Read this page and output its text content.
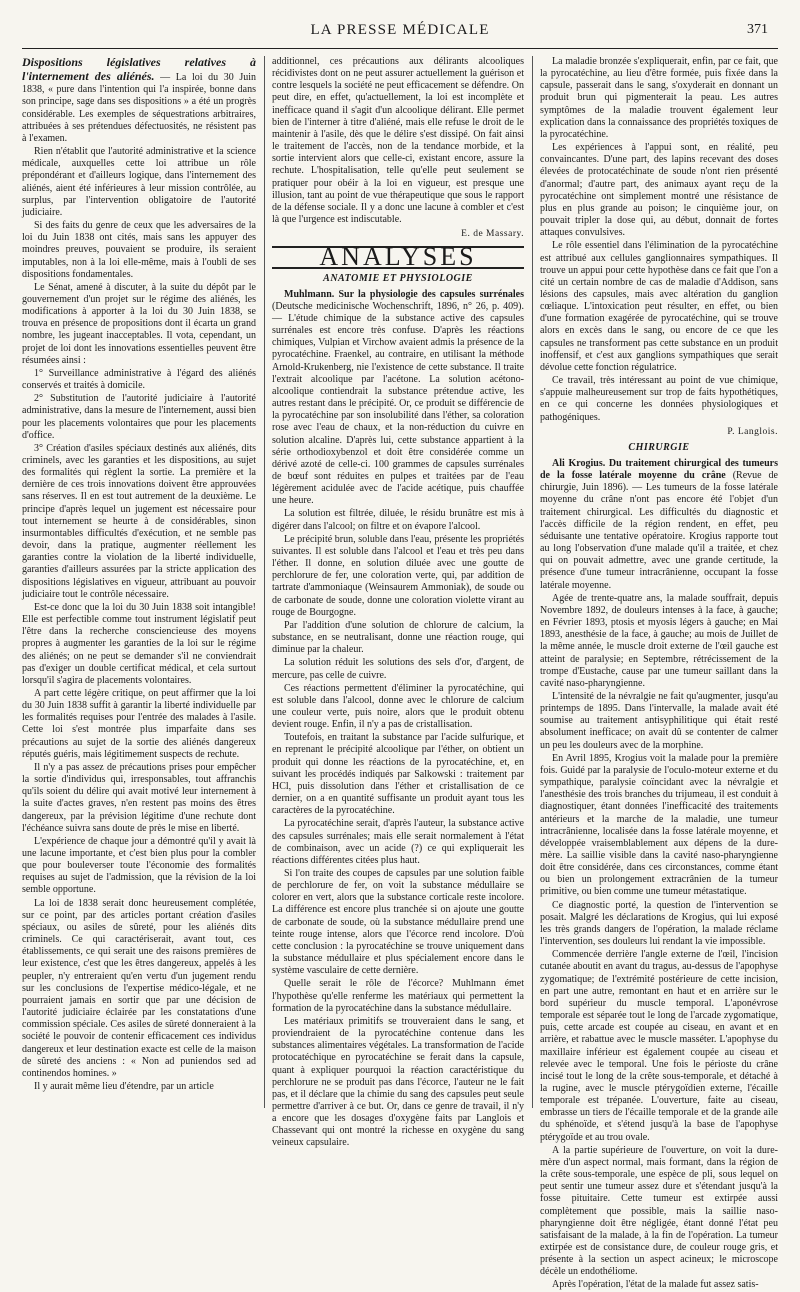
LA PRESSE MÉDICALE	371

Dispositions législatives relatives à l'internement des aliénés. — La loi du 30 Juin 1838, « pure dans l'intention qui l'a inspirée, bonne dans son principe, sage dans ses dispositions » a été un progrès considérable. Les exemples de séquestrations arbitraires, attribuées à ses prétendues défectuosités, ne résistent pas à l'examen.

Rien n'établit que l'autorité administrative et la science médicale, auxquelles cette loi attribue un rôle prépondérant et d'ailleurs logique, dans l'internement des aliénés, aient été inférieures à leur mission contrôlée, au surplus, par l'intervention obligatoire de l'autorité judiciaire.

Si des faits du genre de ceux que les adversaires de la loi du Juin 1838 ont cités, mais sans les appuyer des moindres preuves, pouvaient se produire, ils seraient imputables, non à la loi elle-même, mais à l'oubli de ses dispositions fondamentales.

Le Sénat, amené à discuter, à la suite du dépôt par le gouvernement d'un projet sur le régime des aliénés, les modifications à apporter à la loi du 30 Juin 1838, se trouva en présence de propositions dont il écarta un grand nombre, les jugeant inacceptables. Il vota, cependant, un projet de loi dont les innovations essentielles peuvent être résumées ainsi :

1° Surveillance administrative à l'égard des aliénés conservés et traités à domicile.

2° Substitution de l'autorité judiciaire à l'autorité administrative, dans la mesure de l'internement, aussi bien pour les placements volontaires que pour les placements d'office.

3° Création d'asiles spéciaux destinés aux aliénés, dits criminels, avec les garanties et les dispositions, au sujet des formalités qui règlent la sortie. La première et la dernière de ces trois innovations doivent être approuvées sans réserves. Il en est tout autrement de la deuxième. Le principe d'après lequel un jugement est nécessaire pour tout internement se heurte à de considérables, sinon insurmontables difficultés d'exécution, et ne semble pas devoir, dans la pratique, augmenter réellement les garanties contre la violation de la liberté individuelle, garanties d'ailleurs assurées par la stricte application des dispositions législatives en vigueur, attribuant au pouvoir judiciaire tout le contrôle nécessaire.

Est-ce donc que la loi du 30 Juin 1838 soit intangible! Elle est perfectible comme tout instrument législatif peut l'être dans la recherche consciencieuse des moyens propres à augmenter les garanties de la loi sur le régime des aliénés; on ne peut se demander s'il ne conviendrait pas d'exiger un double certificat médical, et cela surtout lorsqu'il s'agira de placements volontaires.

A part cette légère critique, on peut affirmer que la loi du 30 Juin 1838 suffit à garantir la liberté individuelle par les formalités requises pour l'entrée des malades à l'asile. Cette loi s'est montrée plus imparfaite dans ses précautions au sujet de la sortie des aliénés dangereux réputés guéris, mais légitimement suspects de rechute.

Il n'y a pas assez de précautions prises pour empêcher la sortie d'individus qui, irresponsables, tout affranchis qu'ils soient du délire qui avait motivé leur internement à la suite d'actes graves, n'en restent pas moins des êtres dangereux, par la prévision légitime d'une rechute dont l'échéance suivra sans doute de près le mise en liberté.

L'expérience de chaque jour a démontré qu'il y avait là une lacune importante, et c'est bien plus pour la combler que pour bouleverser toute l'économie des formalités requises au sujet de l'admission, que la révision de la loi semble opportune.

La loi de 1838 serait donc heureusement complétée, sur ce point, par des articles portant création d'asiles spéciaux, ou asiles de sûreté, pour les aliénés dits criminels. Ce qui caractériserait, avant tout, ces établissements, ce qui serait une des raisons premières de leur existence, c'est que les êtres dangereux, appelés à les peupler, n'y entreraient qu'en vertu d'un jugement rendu sur les conclusions de l'expertise médico-légale, et ne pourraient jamais en sortir que par une décision de l'autorité judiciaire éclairée par les constatations d'une commission spéciale. Ces asiles de sûreté donneraient à la société le pouvoir de contenir efficacement ces individus dangereux et leur destination exacte est celle de la maison de sûreté des anciens : « Non ad puniendos sed ad continendos homines. »

Il y aurait même lieu d'étendre, par un article

additionnel, ces précautions aux délirants alcooliques récidivistes dont on ne peut assurer actuellement la guérison et contre lesquels la société ne peut efficacement se défendre. On peut dire, en effet, qu'actuellement, la loi est incomplète et inefficace quand il s'agit d'un alcoolique délirant. Elle permet bien de l'interner à titre d'aliéné, mais elle refuse le droit de le maintenir à l'asile, dès que le délire s'est dissipé. On fait ainsi le traitement de l'accès, non de la tendance morbide, et la sortie intervient alors que celle-ci, existant encore, assure la rechute. L'hospitalisation, telle qu'elle peut seulement se pratiquer pour obéir à la loi en vigueur, est presque une illusion, tant au point de vue thérapeutique que sous le rapport de la défense sociale. Il y a donc une lacune à combler et c'est là que l'urgence est indiscutable.

E. de Massary.
ANALYSES
ANATOMIE ET PHYSIOLOGIE

Muhlmann. Sur la physiologie des capsules surrénales (Deutsche medicinische Wochenschrift, 1896, n° 26, p. 409). — L'étude chimique de la substance active des capsules surrénales est encore très confuse. D'après les réactions chimiques, Vulpian et Virchow avaient admis la présence de la pyrocatéchine. Fraenkel, au contraire, en utilisant la méthode Arnold-Krukenberg, nie l'existence de cette substance. Il traite l'extrait alcoolique par l'acétone. La solution acétono-alcoolique contiendrait la substance prétendue active, les autres restant dans le précipité. Or, ce produit se différencie de la pyrocatéchine par son insolubilité dans l'éther, sa coloration rose avec l'eau de chaux, et la non-réduction du cuivre en solution alcaline. D'après lui, cette substance appartient à la série orthodioxybenzol et doit être considérée comme un dérivé azoté de celle-ci. 100 grammes de capsules surrénales de bœuf sont réduites en pulpes et traitées par de l'eau légèrement acidulée avec de l'acide acétique, puis chauffée une heure.

La solution est filtrée, diluée, le résidu brunâtre est mis à digérer dans l'alcool; on filtre et on évapore l'alcool.

Le précipité brun, soluble dans l'eau, présente les propriétés suivantes. Il est soluble dans l'alcool et l'eau et très peu dans l'éther. Il donne, en solution diluée avec une goutte de perchlorure de fer, une coloration verte, qui, par addition de tartrate d'ammoniaque (Weinsaurem Ammoniak), de soude ou de carbonate de soude, donne une coloration violette virant au rouge de Bourgogne.

Par l'addition d'une solution de chlorure de calcium, la substance, en se neutralisant, donne une réaction rouge, qui diminue par la chaleur.

La solution réduit les solutions des sels d'or, d'argent, de mercure, pas celle de cuivre.

Ces réactions permettent d'éliminer la pyrocatéchine, qui est soluble dans l'alcool, donne avec le chlorure de calcium une couleur verte, puis noire, alors que le produit obtenu devient rouge. Enfin, il n'y a pas de cristallisation.

Toutefois, en traitant la substance par l'acide sulfurique, et en reprenant le précipité alcoolique par l'éther, on obtient un produit qui donne les réactions de la pyrocatéchine, et, en suivant les procédés indiqués par Salkowski : traitement par HCl, puis dissolution dans l'éther et cristallisation de ce dernier, on a en quantité suffisante un produit ayant tous les caractères de la pyrocatéchine.

La pyrocatéchine serait, d'après l'auteur, la substance active des capsules surrénales; mais elle serait normalement à l'état de combinaison, avec un acide (?) ce qui expliquerait les réactions différentes citées plus haut.

Si l'on traite des coupes de capsules par une solution faible de perchlorure de fer, on voit la substance médullaire se colorer en vert, alors que la substance corticale reste incolore. La différence est encore plus tranchée si on ajoute une goutte de carbonate de soude, où la substance médullaire prend une teinte rouge intense, alors que l'écorce rend incolore. D'où cette conclusion : la pyrocatéchine se trouve uniquement dans la substance médullaire et plus spécialement encore dans le système vasculaire de cette dernière.

Quelle serait le rôle de l'écorce? Muhlmann émet l'hypothèse qu'elle renferme les matériaux qui permettent la formation de la pyrocatéchine dans la substance médullaire.

Les matériaux primitifs se trouveraient dans le sang, et proviendraient de la pyrocatéchine contenue dans les substances alimentaires végétales. La transformation de l'acide protocatéchique en pyrocatéchine se ferait dans la capsule, quant à expliquer pourquoi la réaction caractéristique du perchlorure ne se produit pas dans l'écorce, l'auteur ne le fait pas, et il déclare que la chimie du sang des capsules peut seule permettre d'arriver à ce but. Or, dans ce genre de travail, il n'y a encore que les dosages d'oxygène faits par Langlois et Chassevant qui ont montré la richesse en oxygène du sang veineux capsulaire.

La maladie bronzée s'expliquerait, enfin, par ce fait, que la pyrocatéchine, au lieu d'être formée, puis fixée dans la capsule, passerait dans le sang, s'oxyderait en donnant un produit brun qui pigmenterait la peau. Les autres symptômes de la maladie trouvent également leur explication dans la connaissance des propriétés toxiques de la pyrocatéchine.

Les expériences à l'appui sont, en réalité, peu convaincantes. D'une part, des lapins recevant des doses élevées de protocatéchinate de soude n'ont rien présenté d'anormal; d'autre part, des animaux ayant reçu de la pyrocatéchine ont simplement montré une résistance de plus en plus grande au poison; le cinquième jour, on pouvait tripler la dose qui, au début, donnait de fortes attaques convulsives.

Le rôle essentiel dans l'élimination de la pyrocatéchine est attribué aux cellules ganglionnaires sympathiques. Il trouve un appui pour cette hypothèse dans ce fait que l'on a cité un certain nombre de cas de maladie d'Addison, sans lésions des capsules, mais avec altération du ganglion cœliaque. L'intoxication peut résulter, en effet, ou bien d'une formation exagérée de pyrocatéchine, qui se trouve alors en excès dans le sang, ou encore de ce que les capsules ne transforment pas cette substance en un produit inoffensif, et c'est aux ganglions sympathiques que serait dévolue cette fonction régulatrice.

Ce travail, très intéressant au point de vue chimique, s'appuie malheureusement sur trop de faits hypothétiques, en ce qui concerne les données physiologiques et pathogéniques.

P. Langlois.
CHIRURGIE

Ali Krogius. Du traitement chirurgical des tumeurs de la fosse latérale moyenne du crâne (Revue de chirurgie, Juin 1896). — Les tumeurs de la fosse latérale moyenne du crâne n'ont pas encore été l'objet d'un traitement chirurgical. Les difficultés du diagnostic et l'accès difficile de la région rendent, en effet, peu séduisante une tentative opératoire. Krogius rapporte tout au long l'observation d'une malade qu'il a traitée, et chez qui on pouvait admettre, avec une grande certitude, la présence d'une tumeur intracrânienne, occupant la fosse latérale moyenne.

Agée de trente-quatre ans, la malade souffrait, depuis Novembre 1892, de douleurs intenses à la face, à gauche; en Février 1893, ptosis et myosis légers à gauche; en Mai 1893, anesthésie de la face, à gauche; au mois de Juillet de la même année, le muscle droit externe de l'œil gauche est atteint de paralysie; en Septembre, rétrécissement de la trompe d'Eustache, cause par une tumeur saillant dans la cavité naso-pharyngienne.

L'intensité de la névralgie ne fait qu'augmenter, jusqu'au printemps de 1895. Dans l'intervalle, la malade avait été soumise au traitement antisyphilitique qui était resté absolument inefficace; on avait dû se contenter de calmer un peu les douleurs avec de la morphine.

En Avril 1895, Krogius voit la malade pour la première fois. Guidé par la paralysie de l'oculo-moteur externe et du sympathique, paralysie coïncidant avec la névralgie et l'anesthésie des trois branches du trijumeau, il est conduit à diagnostiquer, étant données l'inefficacité des traitements antérieurs et la marche de la maladie, une tumeur intracrânienne, localisée dans la fosse latérale moyenne, et développée vraisemblablement aux dépens de la dure-mère. La saillie visible dans la cavité naso-pharyngienne doit être considérée, dans ces circonstances, comme étant ou bien un prolongement extracrânien de la tumeur primitive, ou bien comme une tumeur métastatique.

Ce diagnostic porté, la question de l'intervention se posait. Malgré les déclarations de Krogius, qui lui exposé les très grands dangers de l'opération, la malade réclame l'intervention, ses douleurs lui rendant la vie impossible.

Commencée derrière l'angle externe de l'œil, l'incision cutanée aboutit en avant du tragus, au-dessus de l'apophyse zygomatique; de l'extrémité postérieure de cette incision, en part une autre, remontant en haut et en arrière sur le bord supérieur du muscle temporal. L'aponévrose temporale est séparée tout le long de l'arcade zygomatique, puis, cette arcade est coupée au ciseau, en avant et en arrière, et rabattue avec le muscle masséter. L'apophyse du maxillaire inférieur est également coupée au ciseau et relevée avec le temporal. Une fois le périoste du crâne incisé tout le long de la crête sous-temporale, et détaché à la rugine, avec le muscle ptérygoïdien externe, l'écaille temporale est trépanée. L'ouverture, faite au ciseau, embrasse un tiers de l'écaille temporale et de la grande aile du sphénoïde, et s'étend jusqu'à la base de l'apophyse ptérygoïde et au trou ovale.

A la partie supérieure de l'ouverture, on voit la dure-mère d'un aspect normal, mais formant, dans la région de la crête sous-temporale, une espèce de pli, sous lequel on peut sentir une tumeur assez dure et s'étendant jusqu'à la fosse pituitaire. Cette tumeur est extirpée aussi complètement que possible, mais la saillie naso-pharyngienne doit être négligée, étant donné l'état peu satisfaisant de la malade, à la fin de l'opération. La tumeur extirpée est de consistance dure, de couleur rouge gris, et présente à la section un aspect acineux; le microscope décèle un endothéliome.

Après l'opération, l'état de la malade fut assez satis-
